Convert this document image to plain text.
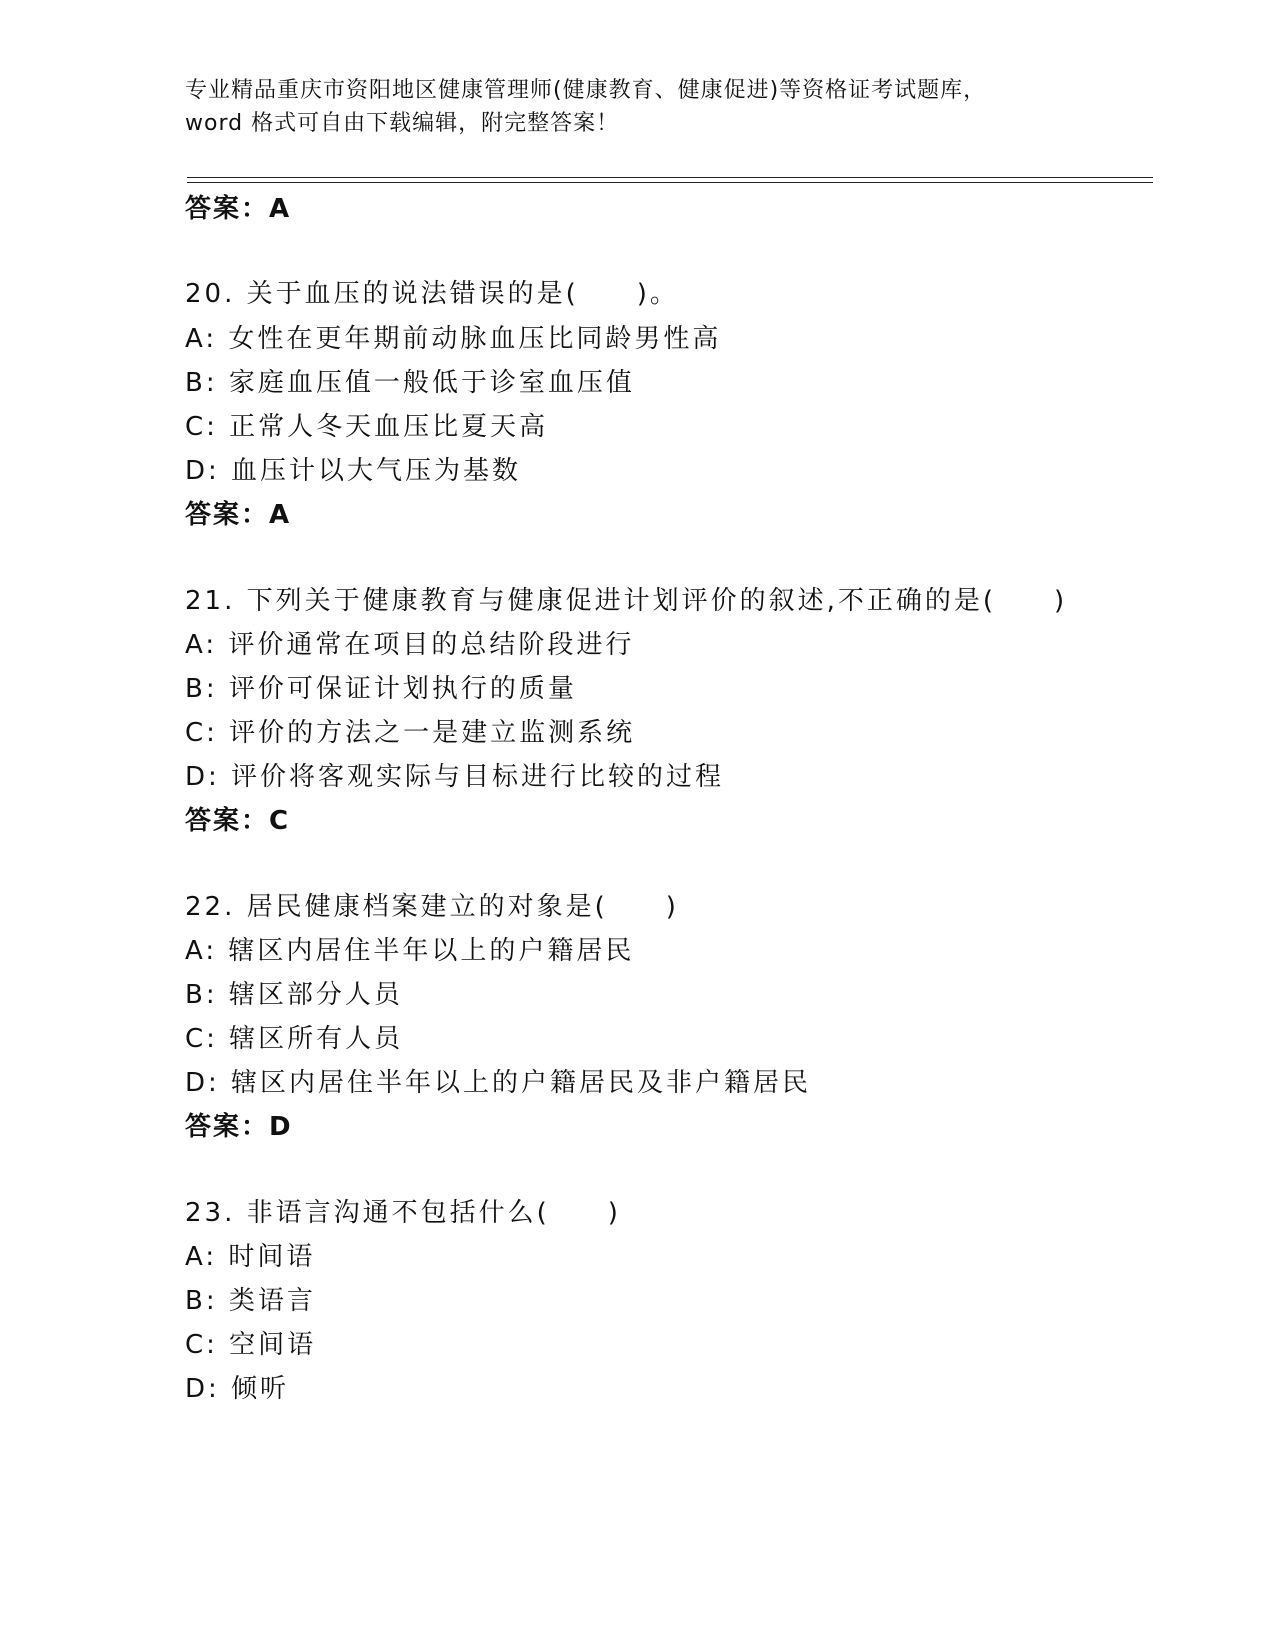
专业精品重庆市资阳地区健康管理师(健康教育、健康促进)等资格证考试题库，
word 格式可自由下载编辑，附完整答案！
答案：A
20. 关于血压的说法错误的是(　　)。
A: 女性在更年期前动脉血压比同龄男性高
B: 家庭血压值一般低于诊室血压值
C: 正常人冬天血压比夏天高
D: 血压计以大气压为基数
答案：A
21. 下列关于健康教育与健康促进计划评价的叙述,不正确的是(　　)
A: 评价通常在项目的总结阶段进行
B: 评价可保证计划执行的质量
C: 评价的方法之一是建立监测系统
D: 评价将客观实际与目标进行比较的过程
答案：C
22. 居民健康档案建立的对象是(　　)
A: 辖区内居住半年以上的户籍居民
B: 辖区部分人员
C: 辖区所有人员
D: 辖区内居住半年以上的户籍居民及非户籍居民
答案：D
23. 非语言沟通不包括什么(　　)
A: 时间语
B: 类语言
C: 空间语
D: 倾听
